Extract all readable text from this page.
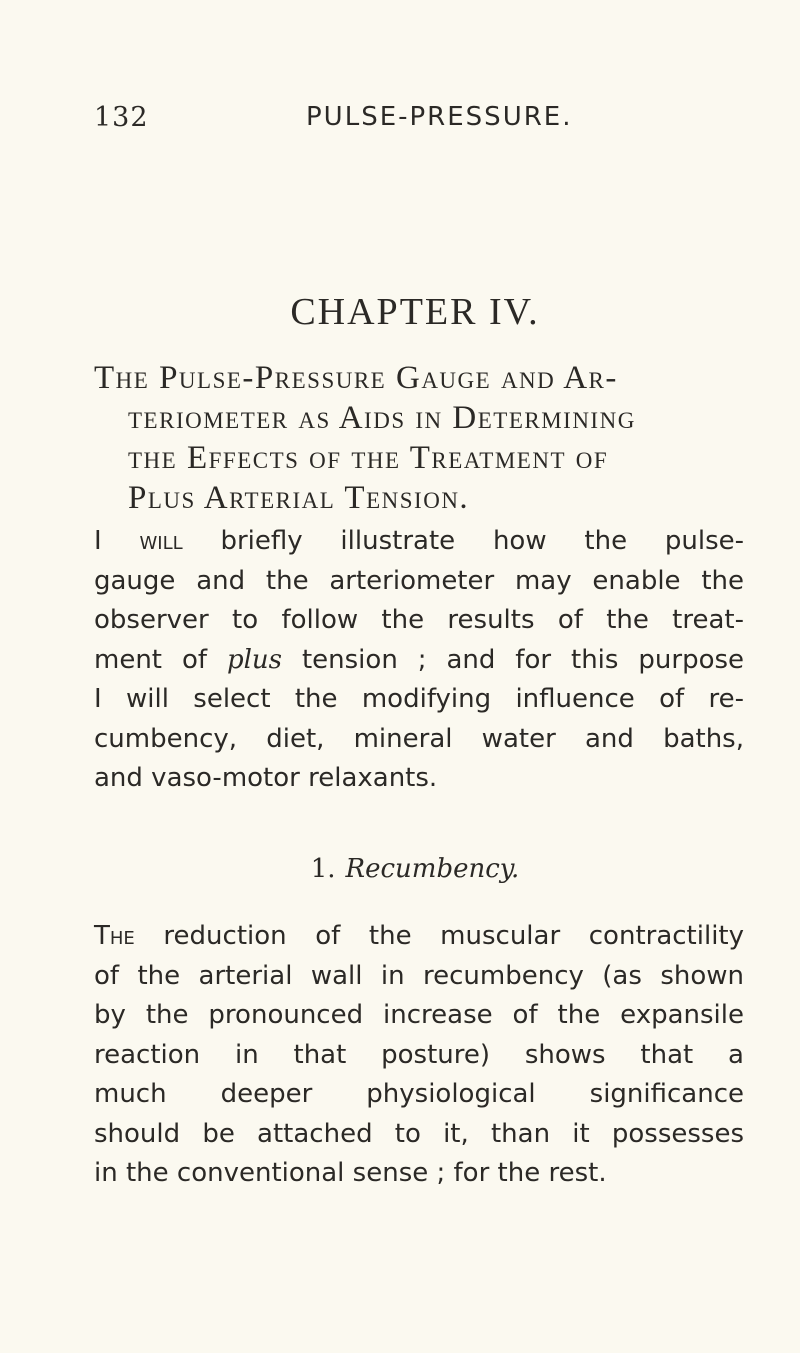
132	PULSE-PRESSURE.
CHAPTER IV.
The Pulse-Pressure Gauge and Ar-
teriometer as Aids in Determining
the Effects of the Treatment of
Plus Arterial Tension.
I will briefly illustrate how the pulse-
gauge and the arteriometer may enable the
observer to follow the results of the treat-
ment of plus tension ; and for this purpose
I will select the modifying influence of re-
cumbency, diet, mineral water and baths,
and vaso-motor relaxants.
1. Recumbency.
The reduction of the muscular contractility
of the arterial wall in recumbency (as shown
by the pronounced increase of the expansile
reaction in that posture) shows that a
much deeper physiological significance
should be attached to it, than it possesses
in the conventional sense ; for the rest.
